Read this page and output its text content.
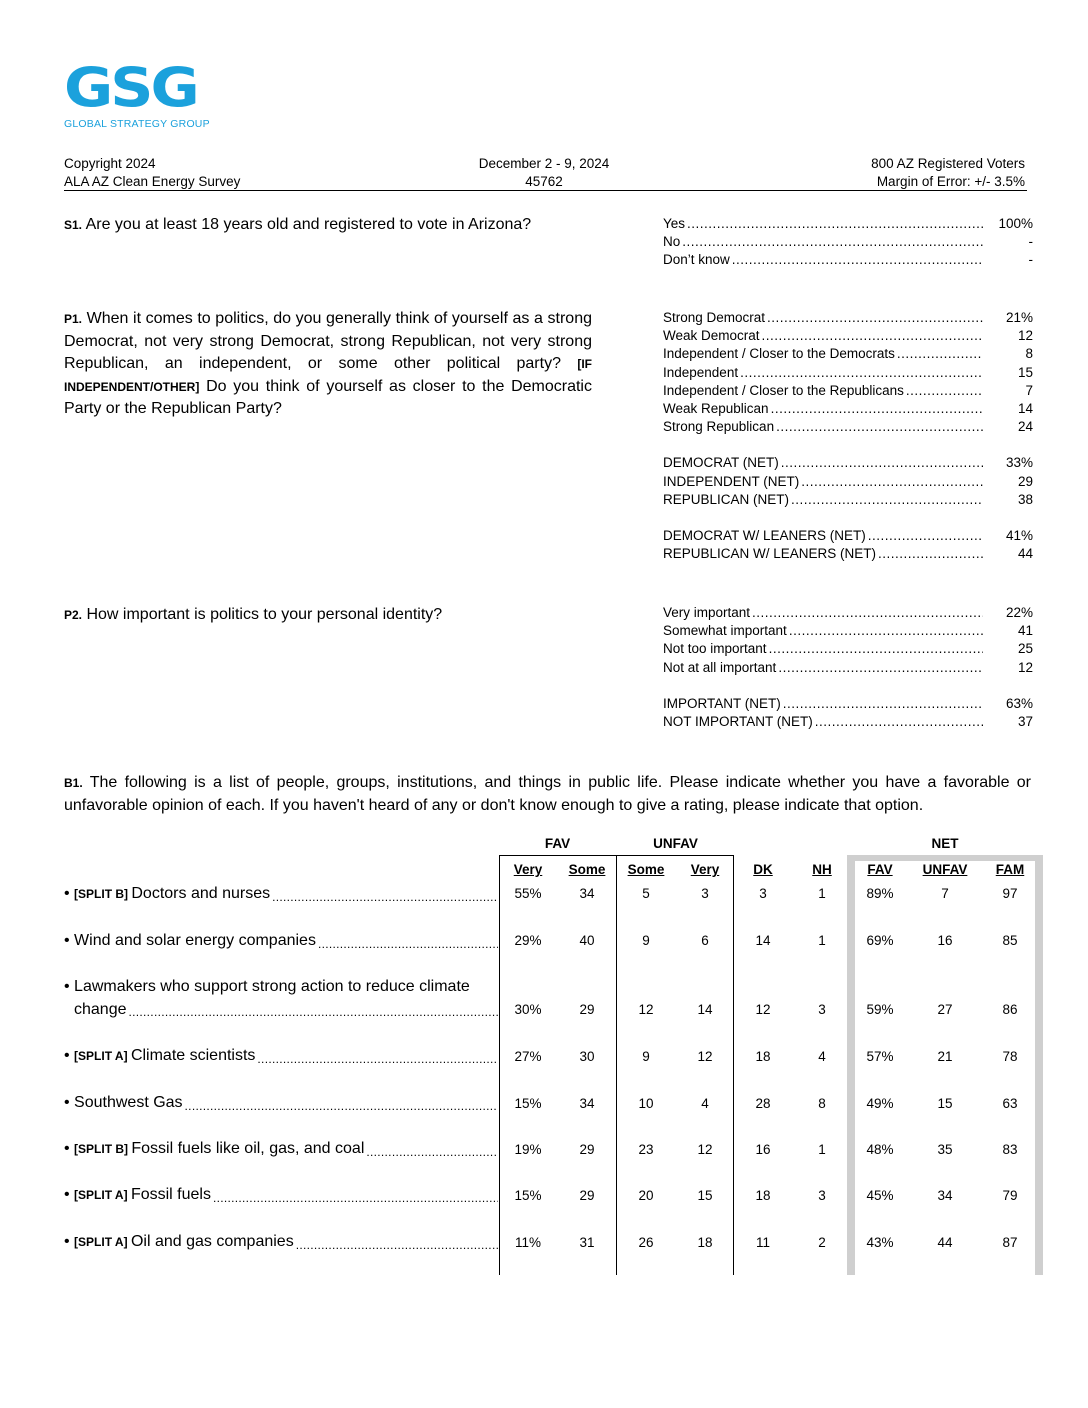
GSG
GLOBAL STRATEGY GROUP
Copyright 2024
ALA AZ Clean Energy Survey
December 2 - 9, 2024
45762
800 AZ Registered Voters
Margin of Error: +/- 3.5%
S1. Are you at least 18 years old and registered to vote in Arizona?	Yes .....	100%
No .....	-
Don’t know .....	-
P1. When it comes to politics, do you generally think of yourself as a strong Democrat, not very strong Democrat, strong Republican, not very strong Republican, an independent, or some other political party? [IF INDEPENDENT/OTHER] Do you think of yourself as closer to the Democratic Party or the Republican Party?
Strong Democrat .....	21%
Weak Democrat .....	12
Independent / Closer to the Democrats .....	8
Independent .....	15
Independent / Closer to the Republicans .....	7
Weak Republican .....	14
Strong Republican .....	24
DEMOCRAT (NET) .....	33%
INDEPENDENT (NET) .....	29
REPUBLICAN (NET) .....	38
DEMOCRAT W/ LEANERS (NET) .....	41%
REPUBLICAN W/ LEANERS (NET) .....	44
P2. How important is politics to your personal identity?	Very important .....	22%
Somewhat important .....	41
Not too important .....	25
Not at all important .....	12
IMPORTANT (NET) .....	63%
NOT IMPORTANT (NET) .....	37
B1. The following is a list of people, groups, institutions, and things in public life. Please indicate whether you have a favorable or unfavorable opinion of each. If you haven't heard of any or don't know enough to give a rating, please indicate that option.
FAV	UNFAV	NET
Very	Some	Some	Very	DK	NH	FAV	UNFAV	FAM
• [SPLIT B] Doctors and nurses .....	55%	34	5	3	3	1	89%	7	97
• Wind and solar energy companies .....	29%	40	9	6	14	1	69%	16	85
• Lawmakers who support strong action to reduce climate
change .....	30%	29	12	14	12	3	59%	27	86
• [SPLIT A] Climate scientists .....	27%	30	9	12	18	4	57%	21	78
• Southwest Gas .....	15%	34	10	4	28	8	49%	15	63
• [SPLIT B] Fossil fuels like oil, gas, and coal .....	19%	29	23	12	16	1	48%	35	83
• [SPLIT A] Fossil fuels .....	15%	29	20	15	18	3	45%	34	79
• [SPLIT A] Oil and gas companies .....	11%	31	26	18	11	2	43%	44	87
